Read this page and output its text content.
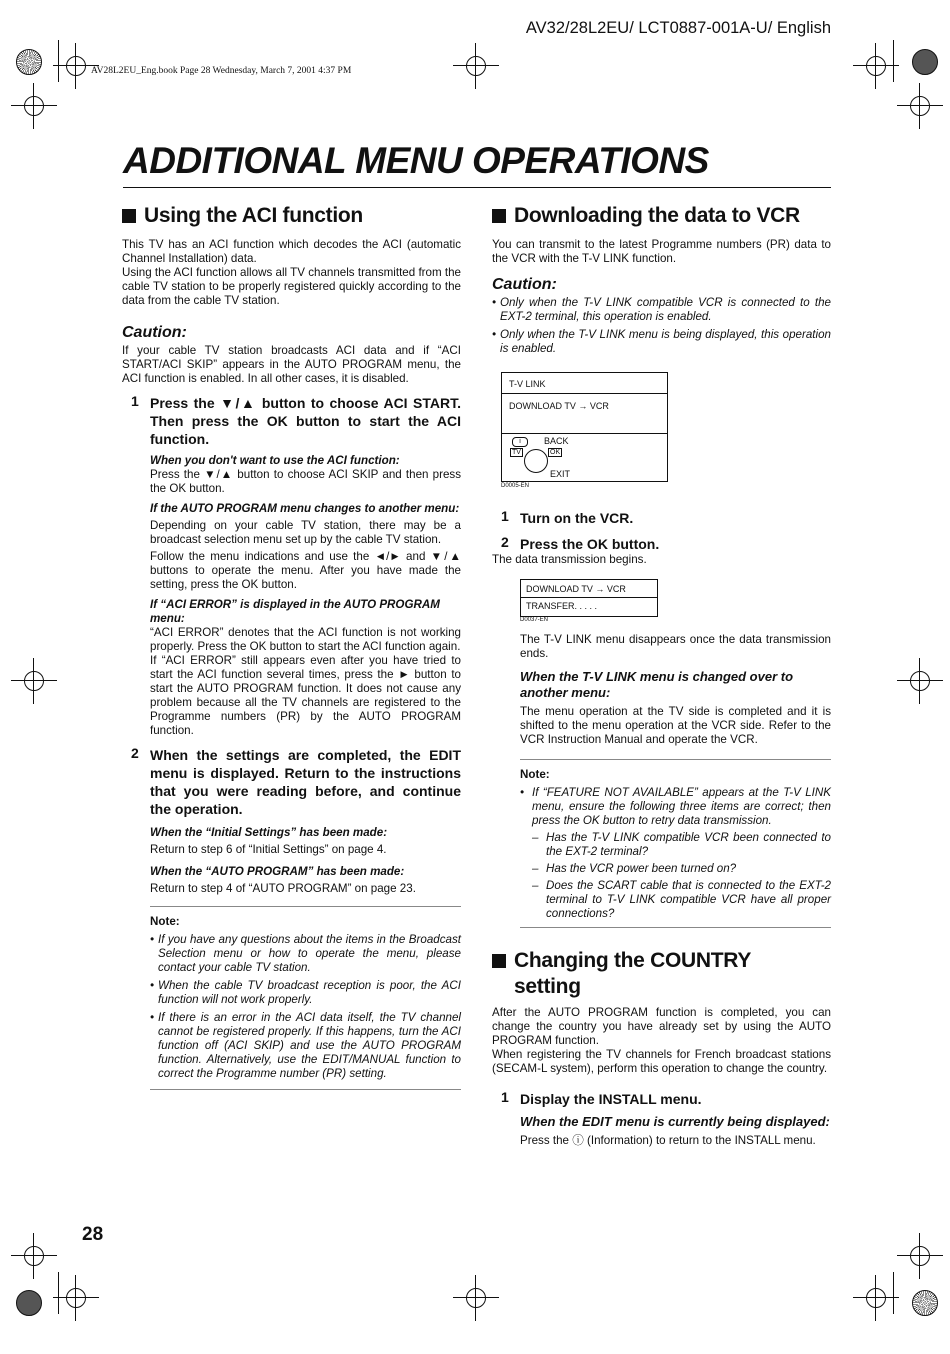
AV32/28L2EU/ LCT0887-001A-U/ English
AV28L2EU_Eng.book Page 28 Wednesday, March 7, 2001 4:37 PM
ADDITIONAL MENU OPERATIONS
Using the ACI function

This TV has an ACI function which decodes the ACI (automatic Channel Installation) data.

Using the ACI function allows all TV channels transmitted from the cable TV station to be properly registered quickly according to the data from the cable TV station.

Caution:

If your cable TV station broadcasts ACI data and if “ACI START/ACI SKIP” appears in the AUTO PROGRAM menu, the ACI function is enabled. In all other cases, it is disabled.

1 Press the ▼/▲ button to choose ACI START. Then press the OK button to start the ACI function.
When you don't want to use the ACI function:

Press the ▼/▲ button to choose ACI SKIP and then press the OK button.

If the AUTO PROGRAM menu changes to another menu:

Depending on your cable TV station, there may be a broadcast selection menu set up by the cable TV station.

Follow the menu indications and use the ◄/► and ▼/▲ buttons to operate the menu. After you have made the setting, press the OK button.

If “ACI ERROR” is displayed in the AUTO PROGRAM menu:

“ACI ERROR” denotes that the ACI function is not working properly. Press the OK button to start the ACI function again.

If “ACI ERROR” still appears even after you have tried to start the ACI function several times, press the ► button to start the AUTO PROGRAM function. It does not cause any problem because all the TV channels are registered to the Programme numbers (PR) by the AUTO PROGRAM function.

2 When the settings are completed, the EDIT menu is displayed. Return to the instructions that you were reading before, and continue the operation.
When the “Initial Settings” has been made:

Return to step 6 of “Initial Settings” on page 4.

When the “AUTO PROGRAM” has been made:

Return to step 4 of “AUTO PROGRAM” on page 23.

Note:
• If you have any questions about the items in the Broadcast Selection menu or how to operate the menu, please contact your cable TV station.
• When the cable TV broadcast reception is poor, the ACI function will not work properly.
• If there is an error in the ACI data itself, the TV channel cannot be registered properly. If this happens, turn the ACI function off (ACI SKIP) and use the AUTO PROGRAM function. Alternatively, use the EDIT/MANUAL function to correct the Programme number (PR) setting.
Downloading the data to VCR

You can transmit to the latest Programme numbers (PR) data to the VCR with the T-V LINK function.

Caution:
• Only when the T-V LINK compatible VCR is connected to the EXT-2 terminal, this operation is enabled.
• Only when the T-V LINK menu is being displayed, this operation is enabled.
T-V LINK
DOWNLOAD TV → VCR
i	BACK
TV	OK
EXIT
D0005-EN
1 Turn on the VCR.
2 Press the OK button.

The data transmission begins.

DOWNLOAD TV → VCR
TRANSFER. . . . .
D0037-EN

The T-V LINK menu disappears once the data transmission ends.

When the T-V LINK menu is changed over to another menu:

The menu operation at the TV side is completed and it is shifted to the menu operation at the VCR side. Refer to the VCR Instruction Manual and operate the VCR.

Note:
• If “FEATURE NOT AVAILABLE” appears at the T-V LINK menu, ensure the following three items are correct; then press the OK button to retry data transmission.
– Has the T-V LINK compatible VCR been connected to the EXT-2 terminal?
– Has the VCR power been turned on?
– Does the SCART cable that is connected to the EXT-2 terminal to T-V LINK compatible VCR have all proper connections?
Changing the COUNTRY setting

After the AUTO PROGRAM function is completed, you can change the country you have already set by using the AUTO PROGRAM function.

When registering the TV channels for French broadcast stations (SECAM-L system), perform this operation to change the country.

1 Display the INSTALL menu.
When the EDIT menu is currently being displayed:

Press the ⓘ (Information) to return to the INSTALL menu.

28
